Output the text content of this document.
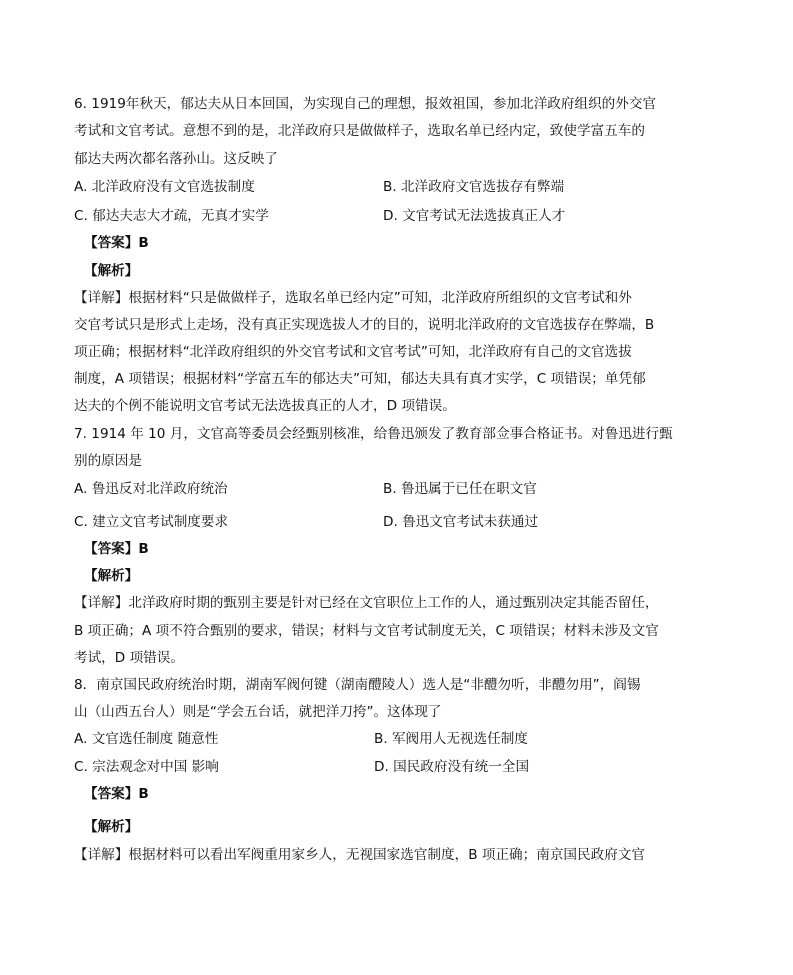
6. 1919年秋天，郁达夫从日本回国，为实现自己的理想，报效祖国，参加北洋政府组织的外交官
考试和文官考试。意想不到的是，北洋政府只是做做样子，选取名单已经内定，致使学富五车的
郁达夫两次都名落孙山。这反映了
A. 北洋政府没有文官选拔制度	B. 北洋政府文官选拔存有弊端
C. 郁达夫志大才疏，无真才实学	D. 文官考试无法选拔真正人才
【答案】B
【解析】
【详解】根据材料“只是做做样子，选取名单已经内定”可知，北洋政府所组织的文官考试和外
交官考试只是形式上走场，没有真正实现选拔人才的目的，说明北洋政府的文官选拔存在弊端，B
项正确；根据材料“北洋政府组织的外交官考试和文官考试”可知，北洋政府有自己的文官选拔
制度，A 项错误；根据材料“学富五车的郁达夫”可知，郁达夫具有真才实学，C 项错误；单凭郁
达夫的个例不能说明文官考试无法选拔真正的人才，D 项错误。
7. 1914 年 10 月，文官高等委员会经甄别核准，给鲁迅颁发了教育部佥事合格证书。对鲁迅进行甄
别的原因是
A. 鲁迅反对北洋政府统治	B. 鲁迅属于已任在职文官
C. 建立文官考试制度要求	D. 鲁迅文官考试未获通过
【答案】B
【解析】
【详解】北洋政府时期的甄别主要是针对已经在文官职位上工作的人，通过甄别决定其能否留任，
B 项正确；A 项不符合甄别的要求，错误；材料与文官考试制度无关，C 项错误；材料未涉及文官
考试，D 项错误。
8．南京国民政府统治时期，湖南军阀何键（湖南醴陵人）选人是“非醴勿听，非醴勿用”，阎锡
山（山西五台人）则是“学会五台话，就把洋刀挎”。这体现了
A. 文官选任制度 随意性	B. 军阀用人无视选任制度
C. 宗法观念对中国 影响	D. 国民政府没有统一全国
【答案】B
【解析】
【详解】根据材料可以看出军阀重用家乡人，无视国家选官制度，B 项正确；南京国民政府文官
